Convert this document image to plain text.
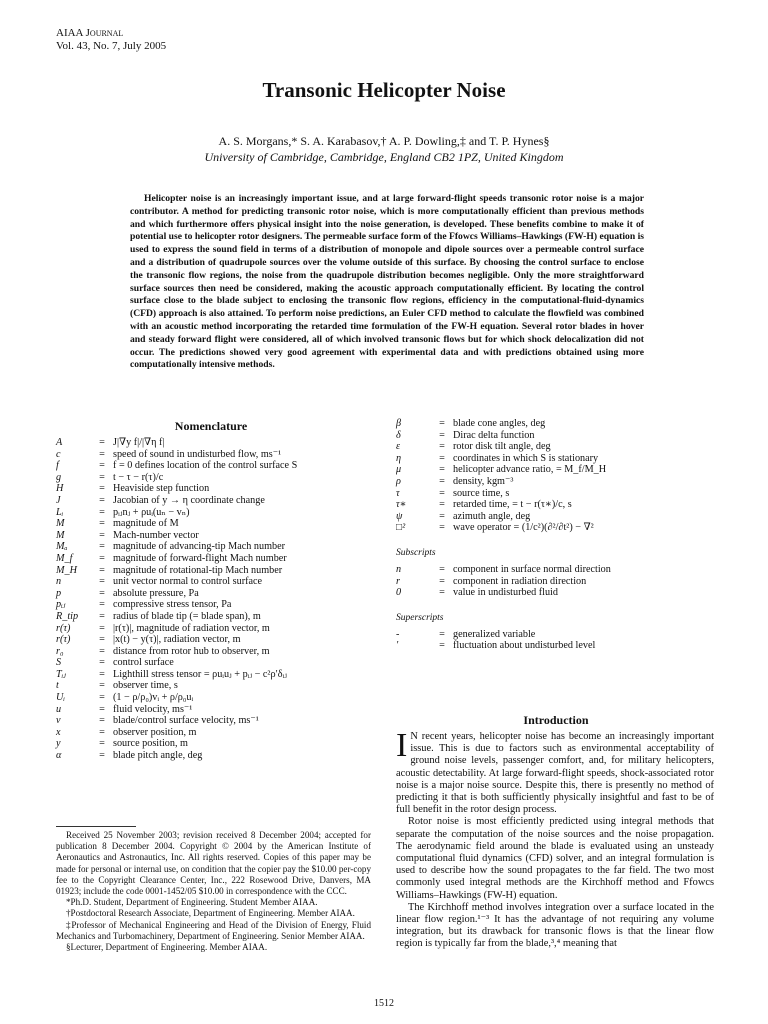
AIAA Journal
Vol. 43, No. 7, July 2005
Transonic Helicopter Noise
A. S. Morgans,* S. A. Karabasov,† A. P. Dowling,‡ and T. P. Hynes§
University of Cambridge, Cambridge, England CB2 1PZ, United Kingdom
Helicopter noise is an increasingly important issue, and at large forward-flight speeds transonic rotor noise is a major contributor. A method for predicting transonic rotor noise, which is more computationally efficient than previous methods and which furthermore offers physical insight into the noise generation, is developed. These benefits combine to make it of potential use to helicopter rotor designers. The permeable surface form of the Ffowcs Williams–Hawkings (FW-H) equation is used to express the sound field in terms of a distribution of monopole and dipole sources over a permeable control surface and a distribution of quadrupole sources over the volume outside of this surface. By choosing the control surface to enclose the transonic flow regions, the noise from the quadrupole distribution becomes negligible. Only the more straightforward surface sources then need be considered, making the acoustic approach computationally efficient. By locating the control surface close to the blade subject to enclosing the transonic flow regions, efficiency in the computational-fluid-dynamics (CFD) approach is also attained. To perform noise predictions, an Euler CFD method to calculate the flowfield was combined with an acoustic method incorporating the retarded time formulation of the FW-H equation. Several rotor blades in hover and steady forward flight were considered, all of which involved transonic flows but for which shock delocalization did not occur. The predictions showed very good agreement with experimental data and with predictions obtained using more computationally intensive methods.
Nomenclature
A	= J|∇y f|/|∇η f|
c	= speed of sound in undisturbed flow, ms⁻¹
f	= f = 0 defines location of the control surface S
g	= t − τ − r(τ)/c
H	= Heaviside step function
J	= Jacobian of y → η coordinate change
Lᵢ	= pᵢⱼnⱼ + ρuᵢ(uₙ − vₙ)
M	= magnitude of M
M	= Mach-number vector
Mₐ	= magnitude of advancing-tip Mach number
M_f	= magnitude of forward-flight Mach number
M_H	= magnitude of rotational-tip Mach number
n	= unit vector normal to control surface
p	= absolute pressure, Pa
pᵢⱼ	= compressive stress tensor, Pa
R_tip	= radius of blade tip (= blade span), m
r(τ)	= |r(τ)|, magnitude of radiation vector, m
r(τ)	= |x(t) − y(τ)|, radiation vector, m
r₀	= distance from rotor hub to observer, m
S	= control surface
Tᵢⱼ	= Lighthill stress tensor = ρuᵢuⱼ + pᵢⱼ − c²ρ′δᵢⱼ
t	= observer time, s
Uᵢ	= (1 − ρ/ρ₀)vᵢ + ρ/ρ₀uᵢ
u	= fluid velocity, ms⁻¹
v	= blade/control surface velocity, ms⁻¹
x	= observer position, m
y	= source position, m
α	= blade pitch angle, deg
β	= blade cone angles, deg
δ	= Dirac delta function
ε	= rotor disk tilt angle, deg
η	= coordinates in which S is stationary
μ	= helicopter advance ratio, = M_f/M_H
ρ	= density, kgm⁻³
τ	= source time, s
τ∗	= retarded time, = t − r(τ∗)/c, s
ψ	= azimuth angle, deg
□²	= wave operator = (1/c²)(∂²/∂t²) − ∇²
Subscripts
n	= component in surface normal direction
r	= component in radiation direction
0	= value in undisturbed fluid
Superscripts
-	= generalized variable
′	= fluctuation about undisturbed level

Received 25 November 2003; revision received 8 December 2004; accepted for publication 8 December 2004. Copyright © 2004 by the American Institute of Aeronautics and Astronautics, Inc. All rights reserved. Copies of this paper may be made for personal or internal use, on condition that the copier pay the $10.00 per-copy fee to the Copyright Clearance Center, Inc., 222 Rosewood Drive, Danvers, MA 01923; include the code 0001-1452/05 $10.00 in correspondence with the CCC.

*Ph.D. Student, Department of Engineering. Student Member AIAA.

†Postdoctoral Research Associate, Department of Engineering. Member AIAA.

‡Professor of Mechanical Engineering and Head of the Division of Energy, Fluid Mechanics and Turbomachinery, Department of Engineering. Senior Member AIAA.

§Lecturer, Department of Engineering. Member AIAA.

Introduction

I N recent years, helicopter noise has become an increasingly important issue. This is due to factors such as environmental acceptability of ground noise levels, passenger comfort, and, for military helicopters, acoustic detectability. At large forward-flight speeds, shock-associated rotor noise is a major noise source. Despite this, there is presently no method of predicting it that is both sufficiently physically insightful and fast to be of full benefit in the rotor design process.

Rotor noise is most efficiently predicted using integral methods that separate the computation of the noise sources and the noise propagation. The aerodynamic field around the blade is evaluated using an unsteady computational fluid dynamics (CFD) solver, and an integral formulation is used to describe how the sound propagates to the far field. The two most commonly used integral methods are the Kirchhoff method and Ffowcs Williams–Hawkings (FW-H) equation.

The Kirchhoff method involves integration over a surface located in the linear flow region.¹⁻³ It has the advantage of not requiring any volume integration, but its drawback for transonic flows is that the linear flow region is typically far from the blade,³,⁴ meaning that

1512
